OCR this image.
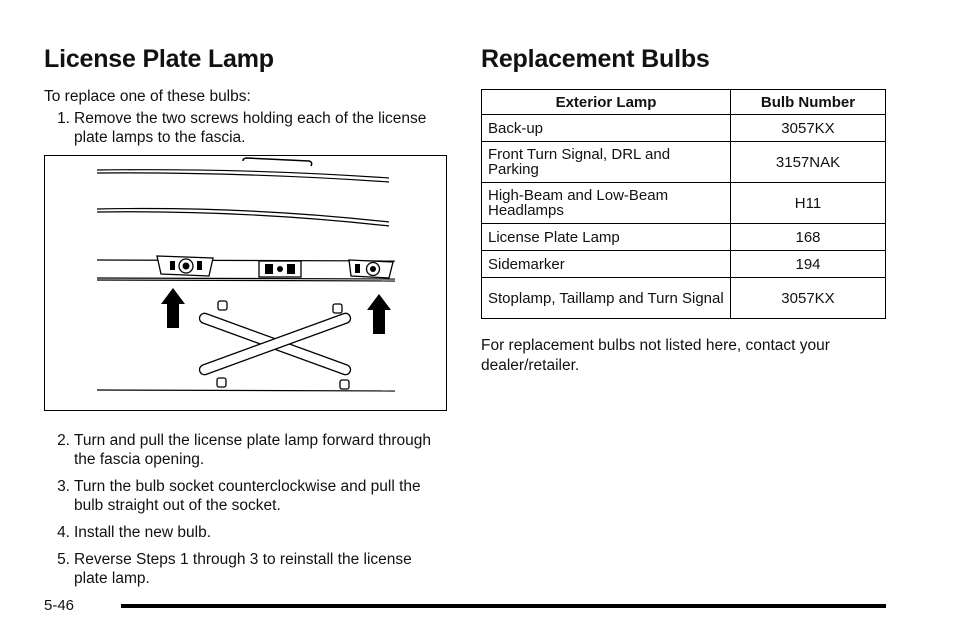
License Plate Lamp
To replace one of these bulbs:
1. Remove the two screws holding each of the license plate lamps to the fascia.
2. Turn and pull the license plate lamp forward through the fascia opening.
3. Turn the bulb socket counterclockwise and pull the bulb straight out of the socket.
4. Install the new bulb.
5. Reverse Steps 1 through 3 to reinstall the license plate lamp.
Replacement Bulbs
Exterior Lamp	Bulb Number
Back-up	3057KX
Front Turn Signal, DRL and Parking	3157NAK
High-Beam and Low-Beam Headlamps	H11
License Plate Lamp	168
Sidemarker	194
Stoplamp, Taillamp and Turn Signal	3057KX
For replacement bulbs not listed here, contact your dealer/retailer.
5-46
